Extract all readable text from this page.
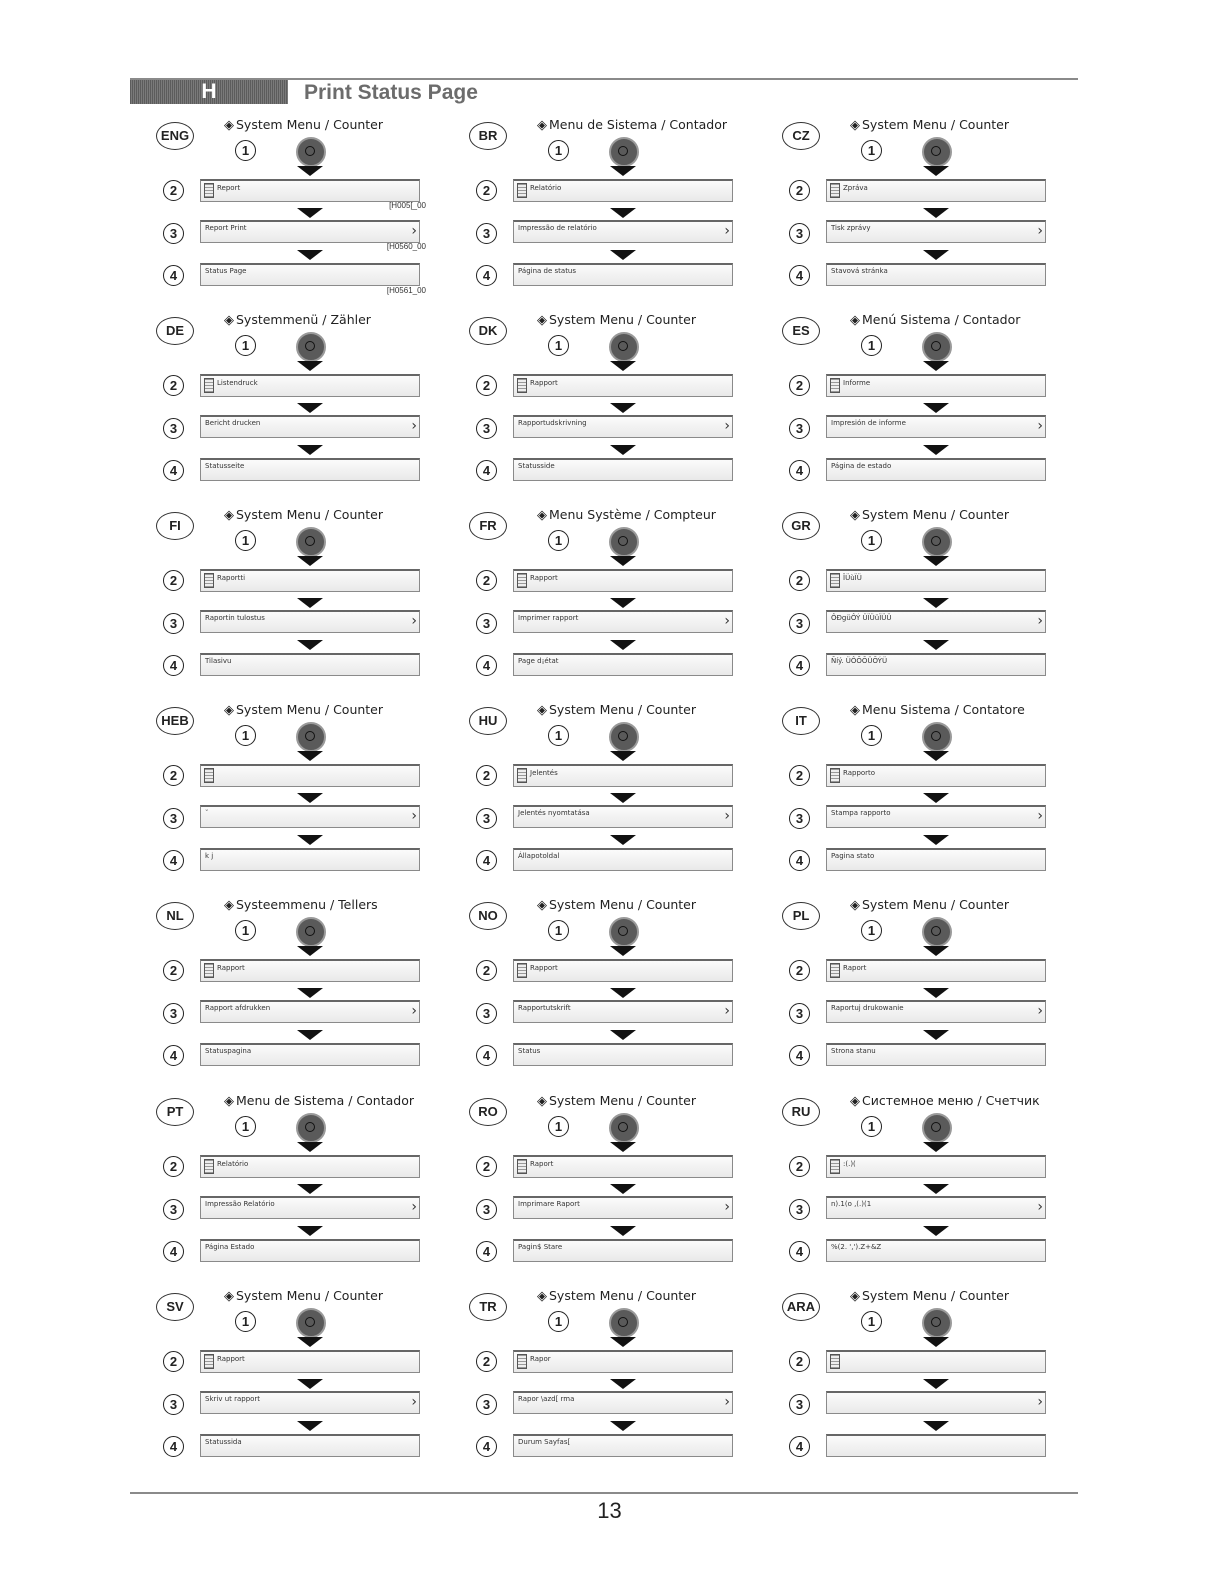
H	Print Status Page
ENG
◈ System Menu / Counter
1
2	Report
3	Report Print	›
4	Status Page
[H005[_00
[H0560_00
[H0561_00
BR
◈ Menu de Sistema / Contador
1
2	Relatório
3	Impressão de relatório	›
4	Página de status
CZ
◈ System Menu / Counter
1
2	Zpráva
3	Tisk zprávy	›
4	Stavová stránka
DE
◈ Systemmenü / Zähler
1
2	Listendruck
3	Bericht drucken	›
4	Statusseite
DK
◈ System Menu / Counter
1
2	Rapport
3	Rapportudskrivning	›
4	Statusside
ES
◈ Menú Sistema / Contador
1
2	Informe
3	Impresión de informe	›
4	Página de estado
FI
◈ System Menu / Counter
1
2	Raportti
3	Raportin tulostus	›
4	Tilasivu
FR
◈ Menu Système / Compteur
1
2	Rapport
3	Imprimer rapport	›
4	Page d¡état
GR
◈ System Menu / Counter
1
2	ÎÜùÏÜ
3	ÔÐgüÔÝ ÜÏÜüÏÜÜ	›
4	Ñíý. ÜÔÕÕÜÕÝÜ
HEB
◈ System Menu / Counter
1
2
3	˘	›
4	k j
HU
◈ System Menu / Counter
1
2	Jelentés
3	Jelentés nyomtatása	›
4	Állapotoldal
IT
◈ Menu Sistema / Contatore
1
2	Rapporto
3	Stampa rapporto	›
4	Pagina stato
NL
◈ Systeemmenu / Tellers
1
2	Rapport
3	Rapport afdrukken	›
4	Statuspagina
NO
◈ System Menu / Counter
1
2	Rapport
3	Rapportutskrift	›
4	Status
PL
◈ System Menu / Counter
1
2	Raport
3	Raportuj drukowanie	›
4	Strona stanu
PT
◈ Menu de Sistema / Contador
1
2	Relatório
3	Impressão Relatório	›
4	Página Estado
RO
◈ System Menu / Counter
1
2	Raport
3	Imprimare Raport	›
4	Pagin$ Stare
RU
◈ Системное меню / Счетчик
1
2	:(.)(
3	n).1(o ,(.)(1	›
4	%(2. ',').Z+&Z
SV
◈ System Menu / Counter
1
2	Rapport
3	Skriv ut rapport	›
4	Statussida
TR
◈ System Menu / Counter
1
2	Rapor
3	Rapor \azd[ rma	›
4	Durum Sayfas[
ARA
◈ System Menu / Counter
1
2
3	›
4
13
